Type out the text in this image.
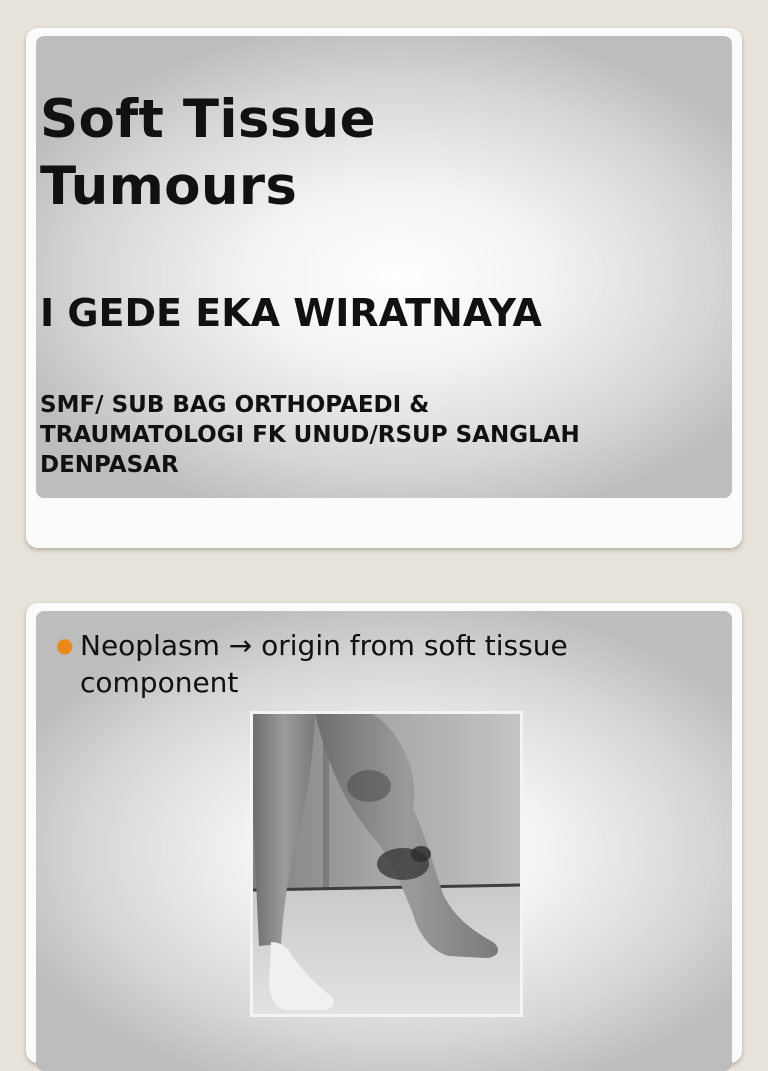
Soft Tissue
Tumours
I GEDE EKA WIRATNAYA
SMF/ SUB BAG ORTHOPAEDI &
TRAUMATOLOGI FK UNUD/RSUP SANGLAH
DENPASAR
● Neoplasm → origin from soft tissue
component
